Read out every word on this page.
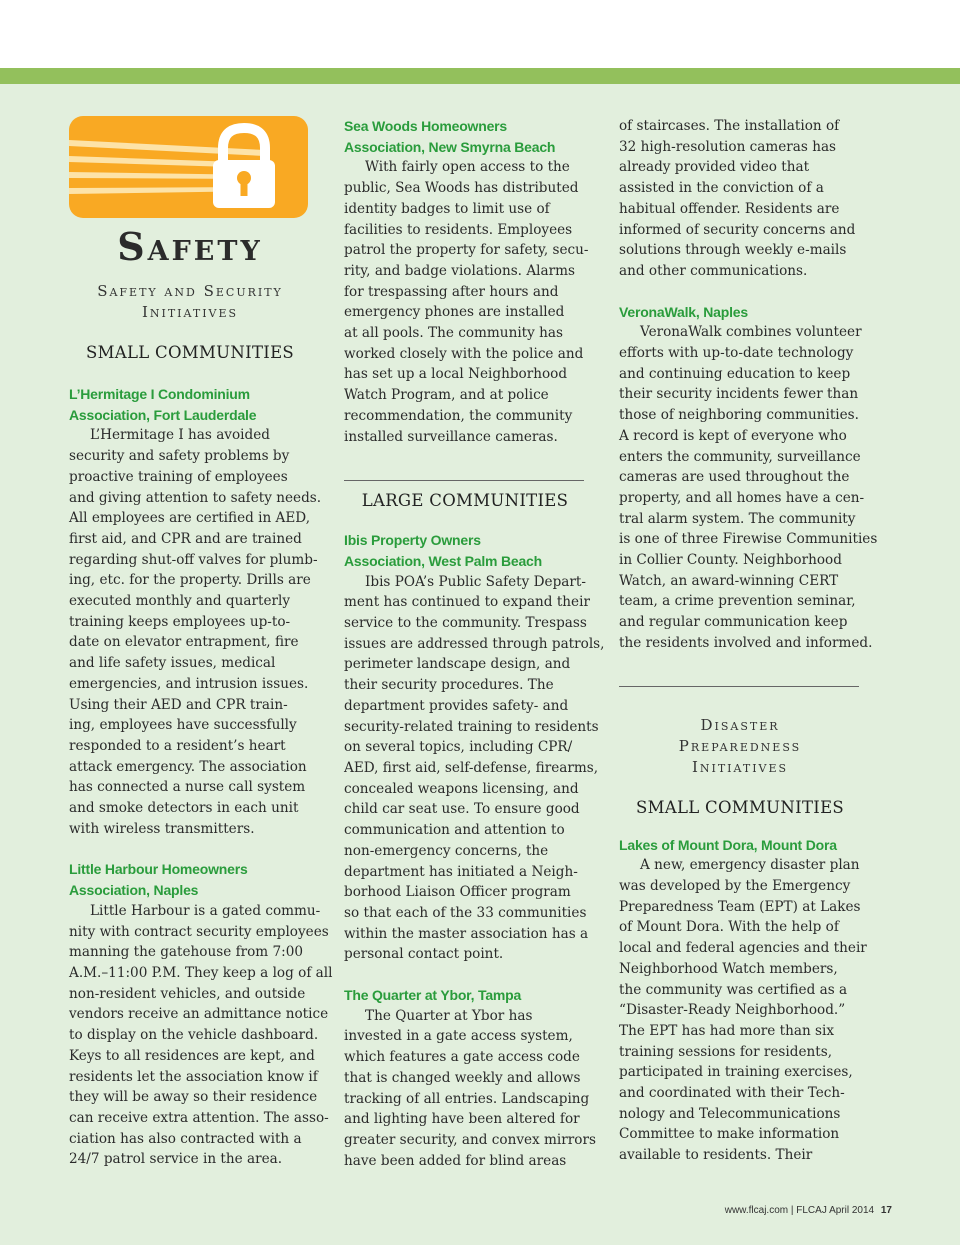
Safety
Safety and Security
Initiatives
SMALL COMMUNITIES
L’Hermitage I Condominium
Association, Fort Lauderdale
L’Hermitage I has avoided
security and safety problems by
proactive training of employees
and giving attention to safety needs.
All employees are certified in AED,
first aid, and CPR and are trained
regarding shut-off valves for plumb-
ing, etc. for the property. Drills are
executed monthly and quarterly
training keeps employees up-to-
date on elevator entrapment, fire
and life safety issues, medical
emergencies, and intrusion issues.
Using their AED and CPR train-
ing, employees have successfully
responded to a resident’s heart
attack emergency. The association
has connected a nurse call system
and smoke detectors in each unit
with wireless transmitters.
Little Harbour Homeowners
Association, Naples
Little Harbour is a gated commu-
nity with contract security employees
manning the gatehouse from 7:00
A.M.–11:00 P.M. They keep a log of all
non-resident vehicles, and outside
vendors receive an admittance notice
to display on the vehicle dashboard.
Keys to all residences are kept, and
residents let the association know if
they will be away so their residence
can receive extra attention. The asso-
ciation has also contracted with a
24/7 patrol service in the area.
Sea Woods Homeowners
Association, New Smyrna Beach
With fairly open access to the
public, Sea Woods has distributed
identity badges to limit use of
facilities to residents. Employees
patrol the property for safety, secu-
rity, and badge violations. Alarms
for trespassing after hours and
emergency phones are installed
at all pools. The community has
worked closely with the police and
has set up a local Neighborhood
Watch Program, and at police
recommendation, the community
installed surveillance cameras.
LARGE COMMUNITIES
Ibis Property Owners
Association, West Palm Beach
Ibis POA’s Public Safety Depart-
ment has continued to expand their
service to the community. Trespass
issues are addressed through patrols,
perimeter landscape design, and
their security procedures. The
department provides safety- and
security-related training to residents
on several topics, including CPR/
AED, first aid, self-defense, firearms,
concealed weapons licensing, and
child car seat use. To ensure good
communication and attention to
non-emergency concerns, the
department has initiated a Neigh-
borhood Liaison Officer program
so that each of the 33 communities
within the master association has a
personal contact point.
The Quarter at Ybor, Tampa
The Quarter at Ybor has
invested in a gate access system,
which features a gate access code
that is changed weekly and allows
tracking of all entries. Landscaping
and lighting have been altered for
greater security, and convex mirrors
have been added for blind areas
of staircases. The installation of
32 high-resolution cameras has
already provided video that
assisted in the conviction of a
habitual offender. Residents are
informed of security concerns and
solutions through weekly e-mails
and other communications.
VeronaWalk, Naples
VeronaWalk combines volunteer
efforts with up-to-date technology
and continuing education to keep
their security incidents fewer than
those of neighboring communities.
A record is kept of everyone who
enters the community, surveillance
cameras are used throughout the
property, and all homes have a cen-
tral alarm system. The community
is one of three Firewise Communities
in Collier County. Neighborhood
Watch, an award-winning CERT
team, a crime prevention seminar,
and regular communication keep
the residents involved and informed.
Disaster
Preparedness
Initiatives
SMALL COMMUNITIES
Lakes of Mount Dora, Mount Dora
A new, emergency disaster plan
was developed by the Emergency
Preparedness Team (EPT) at Lakes
of Mount Dora. With the help of
local and federal agencies and their
Neighborhood Watch members,
the community was certified as a
“Disaster-Ready Neighborhood.”
The EPT has had more than six
training sessions for residents,
participated in training exercises,
and coordinated with their Tech-
nology and Telecommunications
Committee to make information
available to residents. Their
www.flcaj.com | FLCAJ April 2014 17
